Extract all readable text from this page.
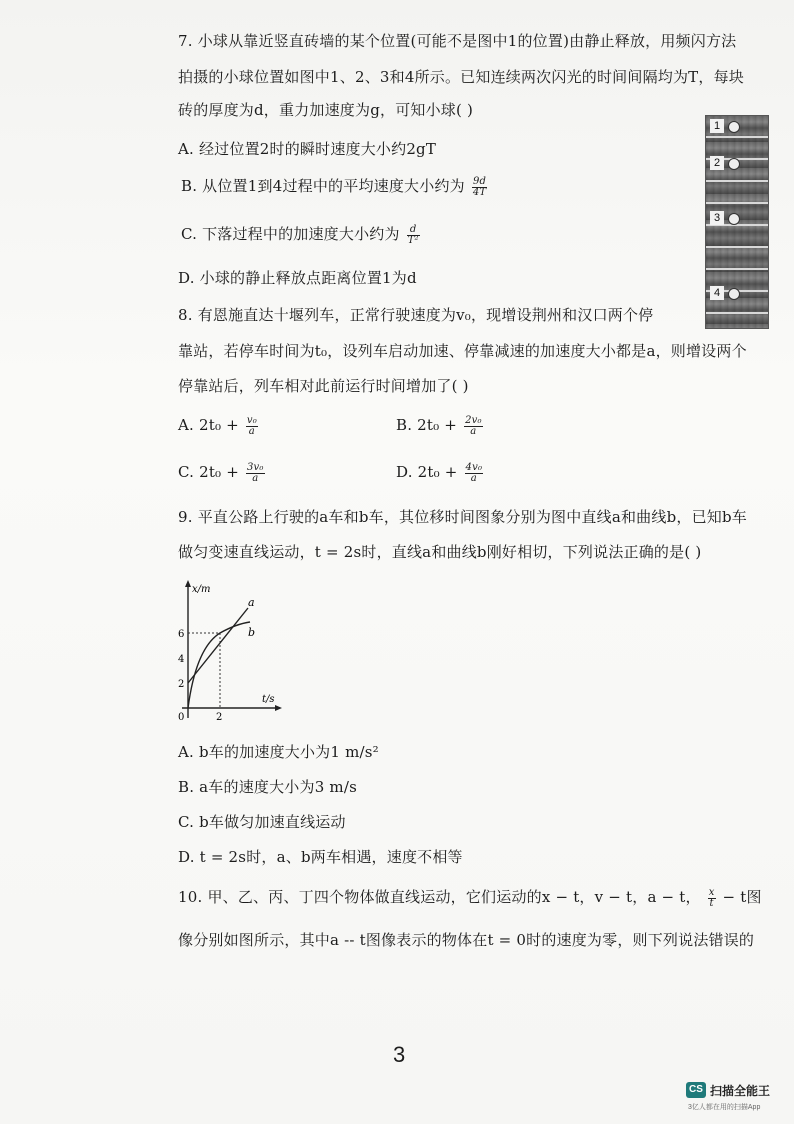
7. 小球从靠近竖直砖墙的某个位置(可能不是图中1的位置)由静止释放，用频闪方法
拍摄的小球位置如图中1、2、3和4所示。已知连续两次闪光的时间间隔均为T，每块
砖的厚度为d，重力加速度为g，可知小球( )
A. 经过位置2时的瞬时速度大小约2gT
B. 从位置1到4过程中的平均速度大小约为 $\frac{9d}{4T}$
C. 下落过程中的加速度大小约为 $\frac{d}{\text{T²}}$
D. 小球的静止释放点距离位置1为d
1
2
3
4
8. 有恩施直达十堰列车，正常行驶速度为v₀，现增设荆州和汉口两个停
靠站，若停车时间为t₀，设列车启动加速、停靠减速的加速度大小都是a，则增设两个
停靠站后，列车相对此前运行时间增加了( )
A. $2t_0 + \frac{\text{v₀}}{a}$	B. $2t_0 + \frac{\text{2v₀}}{a}$
C. $2t_0 + \frac{\text{3v₀}}{a}$	D. $2t_0 + \frac{\text{4v₀}}{a}$
9. 平直公路上行驶的a车和b车，其位移时间图象分别为图中直线a和曲线b，已知b车
做匀变速直线运动，t = 2s时，直线a和曲线b刚好相切，下列说法正确的是( )
x/m
t/s
0
2
4
6
2
a
b
A. b车的加速度大小为1 m/s²
B. a车的速度大小为3 m/s
C. b车做匀加速直线运动
D. t = 2s时，a、b两车相遇，速度不相等
10. 甲、乙、丙、丁四个物体做直线运动，它们运动的x − t，v − t，a − t， $\frac{x}{t} - t$图
像分别如图所示，其中a -- t图像表示的物体在t = 0时的速度为零，则下列说法错误的
3
CS 扫描全能王
3亿人都在用的扫描App
